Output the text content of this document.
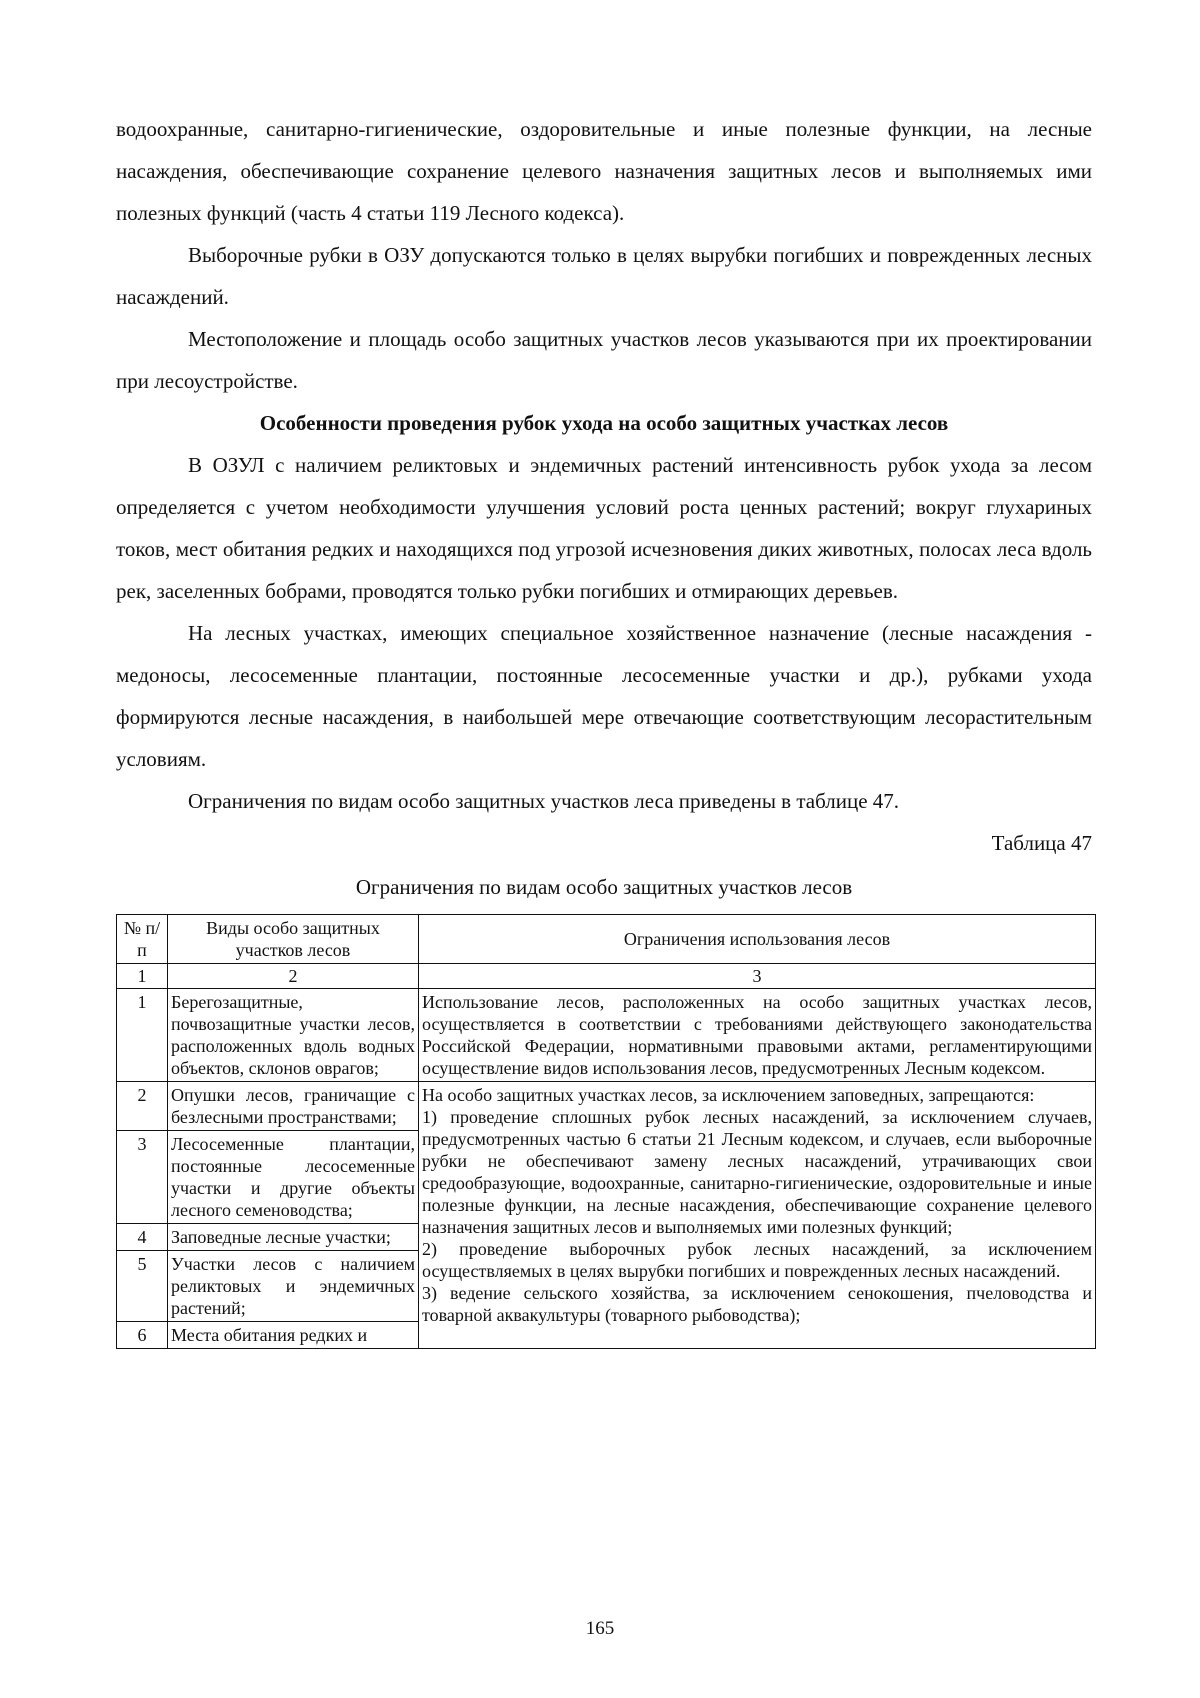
водоохранные, санитарно-гигиенические, оздоровительные и иные полезные функции, на лесные насаждения, обеспечивающие сохранение целевого назначения защитных лесов и выполняемых ими полезных функций (часть 4 статьи 119 Лесного кодекса).

Выборочные рубки в ОЗУ допускаются только в целях вырубки погибших и поврежденных лесных насаждений.

Местоположение и площадь особо защитных участков лесов указываются при их проектировании при лесоустройстве.

Особенности проведения рубок ухода на особо защитных участках лесов

В ОЗУЛ с наличием реликтовых и эндемичных растений интенсивность рубок ухода за лесом определяется с учетом необходимости улучшения условий роста ценных растений; вокруг глухариных токов, мест обитания редких и находящихся под угрозой исчезновения диких животных, полосах леса вдоль рек, заселенных бобрами, проводятся только рубки погибших и отмирающих деревьев.

На лесных участках, имеющих специальное хозяйственное назначение (лесные насаждения - медоносы, лесосеменные плантации, постоянные лесосеменные участки и др.), рубками ухода формируются лесные насаждения, в наибольшей мере отвечающие соответствующим лесорастительным условиям.

Ограничения по видам особо защитных участков леса приведены в таблице 47.

Таблица 47
Ограничения по видам особо защитных участков лесов
№ п/п	Виды особо защитных участков лесов	Ограничения использования лесов
1	2	3
1	Берегозащитные, почвозащитные участки лесов, расположенных вдоль водных объектов, склонов оврагов;	Использование лесов, расположенных на особо защитных участках лесов, осуществляется в соответствии с требованиями действующего законодательства Российской Федерации, нормативными правовыми актами, регламентирующими осуществление видов использования лесов, предусмотренных Лесным кодексом.
2	Опушки лесов, граничащие с безлесными пространствами;	На особо защитных участках лесов, за исключением заповедных, запрещаются:
1) проведение сплошных рубок лесных насаждений, за исключением случаев, предусмотренных частью 6 статьи 21 Лесным кодексом, и случаев, если выборочные рубки не обеспечивают замену лесных насаждений, утрачивающих свои средообразующие, водоохранные, санитарно-гигиенические, оздоровительные и иные полезные функции, на лесные насаждения, обеспечивающие сохранение целевого назначения защитных лесов и выполняемых ими полезных функций;
2) проведение выборочных рубок лесных насаждений, за исключением осуществляемых в целях вырубки погибших и поврежденных лесных насаждений.
3) ведение сельского хозяйства, за исключением сенокошения, пчеловодства и товарной аквакультуры (товарного рыбоводства);

3	Лесосеменные плантации, постоянные лесосеменные участки и другие объекты лесного семеноводства;	
4	Заповедные лесные участки;	
5	Участки лесов с наличием реликтовых и эндемичных растений;	
6	Места обитания редких и	
165
